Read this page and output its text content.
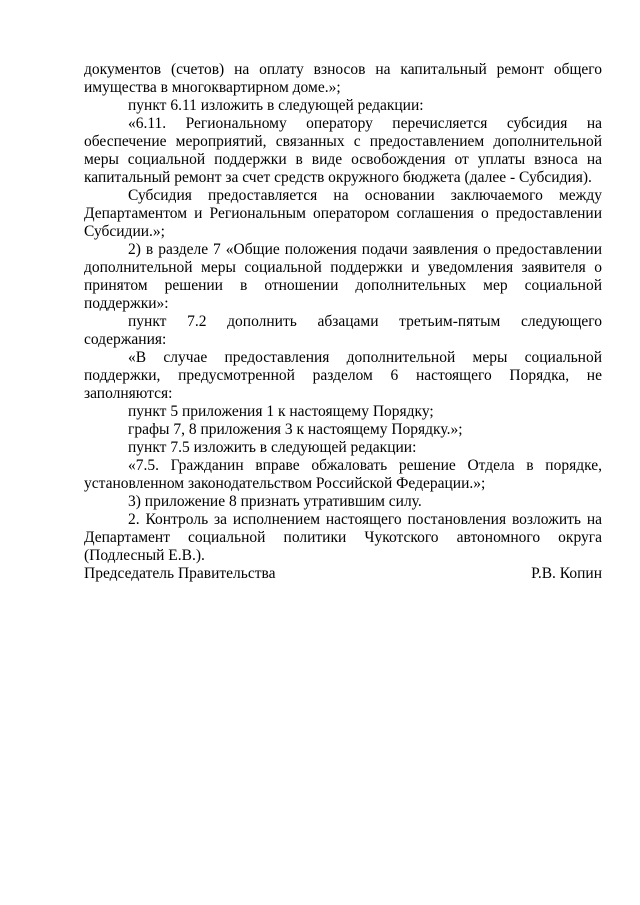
документов (счетов) на оплату взносов на капитальный ремонт общего имущества в многоквартирном доме.»;

пункт 6.11 изложить в следующей редакции:

«6.11. Региональному оператору перечисляется субсидия на обеспечение мероприятий, связанных с предоставлением дополнительной меры социальной поддержки в виде освобождения от уплаты взноса на капитальный ремонт за счет средств окружного бюджета (далее - Субсидия).

Субсидия предоставляется на основании заключаемого между Департаментом и Региональным оператором соглашения о предоставлении Субсидии.»;

2) в разделе 7 «Общие положения подачи заявления о предоставлении дополнительной меры социальной поддержки и уведомления заявителя о принятом решении в отношении дополнительных мер социальной поддержки»:

пункт 7.2 дополнить абзацами третьим-пятым следующего содержания:

«В случае предоставления дополнительной меры социальной поддержки, предусмотренной разделом 6 настоящего Порядка, не заполняются:

пункт 5 приложения 1 к настоящему Порядку;

графы 7, 8 приложения 3 к настоящему Порядку.»;

пункт 7.5 изложить в следующей редакции:

«7.5. Гражданин вправе обжаловать решение Отдела в порядке, установленном законодательством Российской Федерации.»;

3) приложение 8 признать утратившим силу.

2. Контроль за исполнением настоящего постановления возложить на Департамент социальной политики Чукотского автономного округа (Подлесный Е.В.).

Председатель Правительства	Р.В. Копин
